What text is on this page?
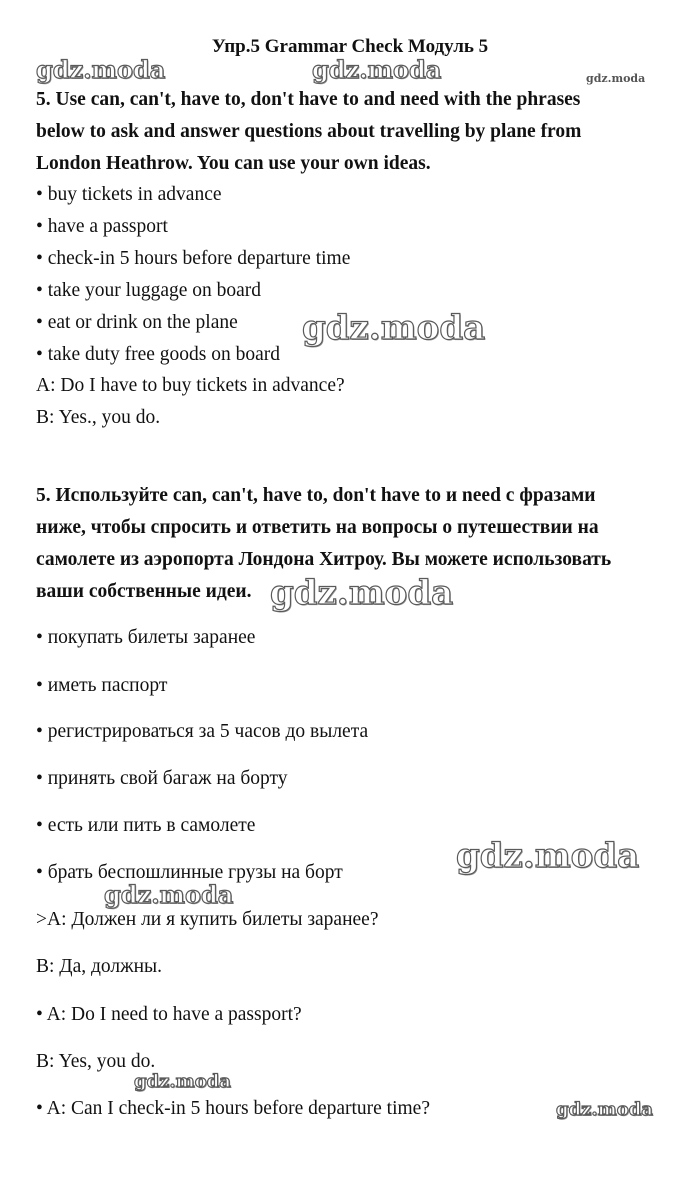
Упр.5 Grammar Check Модуль 5

5. Use can, can't, have to, don't have to and need with the phrases

below to ask and answer questions about travelling by plane from

London Heathrow. You can use your own ideas.

• buy tickets in advance

• have a passport

• check-in 5 hours before departure time

• take your luggage on board

• eat or drink on the plane

• take duty free goods on board

A: Do I have to buy tickets in advance?

B: Yes., you do.

5. Используйте can, can't, have to, don't have to и need с фразами

ниже, чтобы спросить и ответить на вопросы о путешествии на

самолете из аэропорта Лондона Хитроу. Вы можете использовать

ваши собственные идеи.

• покупать билеты заранее

• иметь паспорт

• регистрироваться за 5 часов до вылета

• принять свой багаж на борту

• есть или пить в самолете

• брать беспошлинные грузы на борт

>A: Должен ли я купить билеты заранее?

B: Да, должны.

• A: Do I need to have a passport?

B: Yes, you do.

• A: Can I check-in 5 hours before departure time?

gdz.moda	gdz.moda	gdz.moda
gdz.moda
gdz.moda
gdz.moda
gdz.moda
gdz.moda
gdz.moda
